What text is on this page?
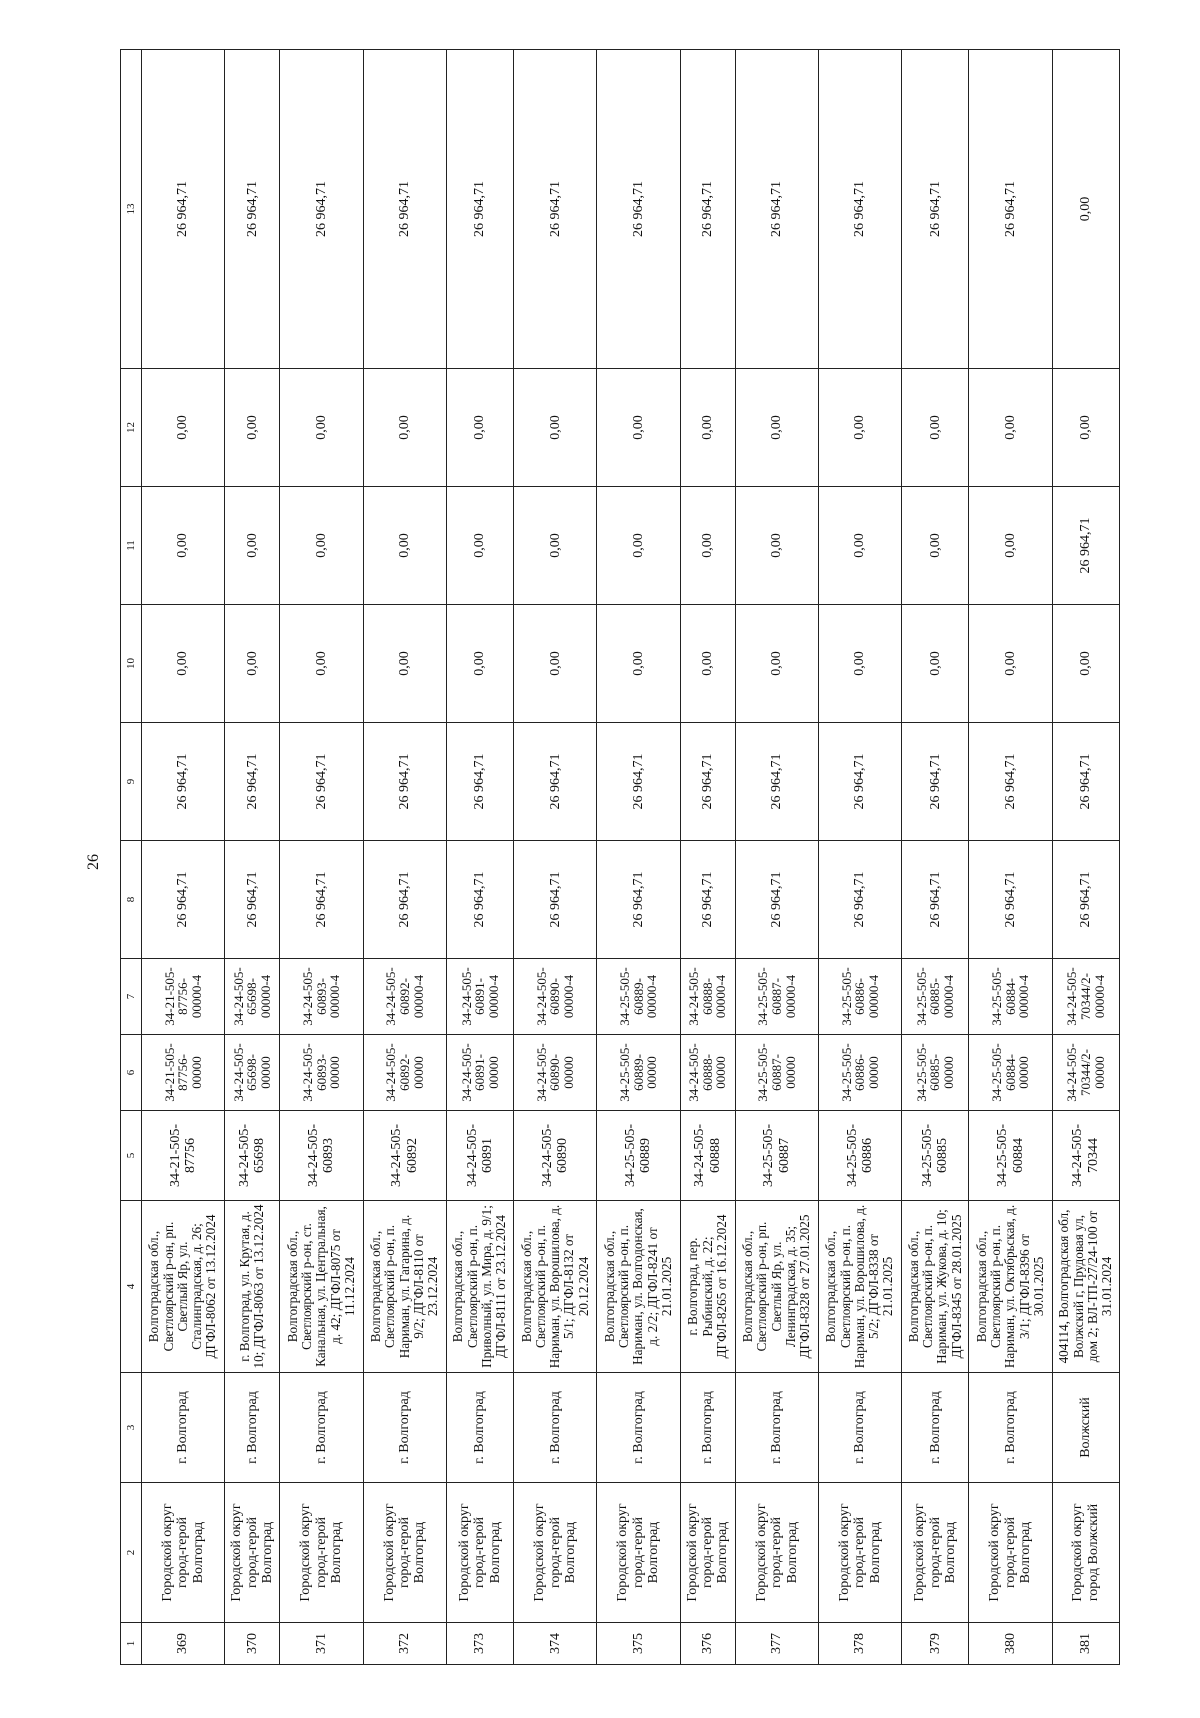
26
1	2	3	4	5	6	7	8	9	10	11	12	13
369	Городской округ город-герой Волгоград	г. Волгоград	Волгоградская обл., Светлоярский р-он, рп. Светлый Яр, ул. Сталинградская, д. 26; ДГФЛ-8062 от 13.12.2024	34-21-505-87756	34-21-505-87756-00000	34-21-505-87756-00000-4	26 964,71	26 964,71	0,00	0,00	0,00	26 964,71
370	Городской округ город-герой Волгоград	г. Волгоград	г. Волгоград, ул. Крутая, д. 10; ДГФЛ-8063 от 13.12.2024	34-24-505-65698	34-24-505-65698-00000	34-24-505-65698-00000-4	26 964,71	26 964,71	0,00	0,00	0,00	26 964,71
371	Городской округ город-герой Волгоград	г. Волгоград	Волгоградская обл., Светлоярский р-он, ст. Канальная, ул. Центральная, д. 42; ДГФЛ-8075 от 11.12.2024	34-24-505-60893	34-24-505-60893-00000	34-24-505-60893-00000-4	26 964,71	26 964,71	0,00	0,00	0,00	26 964,71
372	Городской округ город-герой Волгоград	г. Волгоград	Волгоградская обл., Светлоярский р-он, п. Нариман, ул. Гагарина, д. 9/2; ДГФЛ-8110 от 23.12.2024	34-24-505-60892	34-24-505-60892-00000	34-24-505-60892-00000-4	26 964,71	26 964,71	0,00	0,00	0,00	26 964,71
373	Городской округ город-герой Волгоград	г. Волгоград	Волгоградская обл., Светлоярский р-он, п. Приволный, ул. Мира, д. 9/1; ДГФЛ-8111 от 23.12.2024	34-24-505-60891	34-24-505-60891-00000	34-24-505-60891-00000-4	26 964,71	26 964,71	0,00	0,00	0,00	26 964,71
374	Городской округ город-герой Волгоград	г. Волгоград	Волгоградская обл., Светлоярский р-он, п. Нариман, ул. Ворошилова, д. 5/1; ДГФЛ-8132 от 20.12.2024	34-24-505-60890	34-24-505-60890-00000	34-24-505-60890-00000-4	26 964,71	26 964,71	0,00	0,00	0,00	26 964,71
375	Городской округ город-герой Волгоград	г. Волгоград	Волгоградская обл., Светлоярский р-он, п. Нариман, ул. Волгодонская, д. 2/2; ДГФЛ-8241 от 21.01.2025	34-25-505-60889	34-25-505-60889-00000	34-25-505-60889-00000-4	26 964,71	26 964,71	0,00	0,00	0,00	26 964,71
376	Городской округ город-герой Волгоград	г. Волгоград	г. Волгоград, пер. Рыбинский, д. 22; ДГФЛ-8265 от 16.12.2024	34-24-505-60888	34-24-505-60888-00000	34-24-505-60888-00000-4	26 964,71	26 964,71	0,00	0,00	0,00	26 964,71
377	Городской округ город-герой Волгоград	г. Волгоград	Волгоградская обл., Светлоярский р-он, рп. Светлый Яр, ул. Ленинградская, д. 35; ДГФЛ-8328 от 27.01.2025	34-25-505-60887	34-25-505-60887-00000	34-25-505-60887-00000-4	26 964,71	26 964,71	0,00	0,00	0,00	26 964,71
378	Городской округ город-герой Волгоград	г. Волгоград	Волгоградская обл., Светлоярский р-он, п. Нариман, ул. Ворошилова, д. 5/2; ДГФЛ-8338 от 21.01.2025	34-25-505-60886	34-25-505-60886-00000	34-25-505-60886-00000-4	26 964,71	26 964,71	0,00	0,00	0,00	26 964,71
379	Городской округ город-герой Волгоград	г. Волгоград	Волгоградская обл., Светлоярский р-он, п. Нариман, ул. Жукова, д. 10; ДГФЛ-8345 от 28.01.2025	34-25-505-60885	34-25-505-60885-00000	34-25-505-60885-00000-4	26 964,71	26 964,71	0,00	0,00	0,00	26 964,71
380	Городской округ город-герой Волгоград	г. Волгоград	Волгоградская обл., Светлоярский р-он, п. Нариман, ул. Октябрьская, д. 3/1; ДГФЛ-8396 от 30.01.2025	34-25-505-60884	34-25-505-60884-00000	34-25-505-60884-00000-4	26 964,71	26 964,71	0,00	0,00	0,00	26 964,71
381	Городской округ город Волжский	Волжский	404114, Волгоградская обл, Волжский г, Прудовая ул, дом 2; ВЛ-ТП-27/24-100 от 31.01.2024	34-24-505-70344	34-24-505-70344/2-00000	34-24-505-70344/2-00000-4	26 964,71	26 964,71	0,00	26 964,71	0,00	0,00
